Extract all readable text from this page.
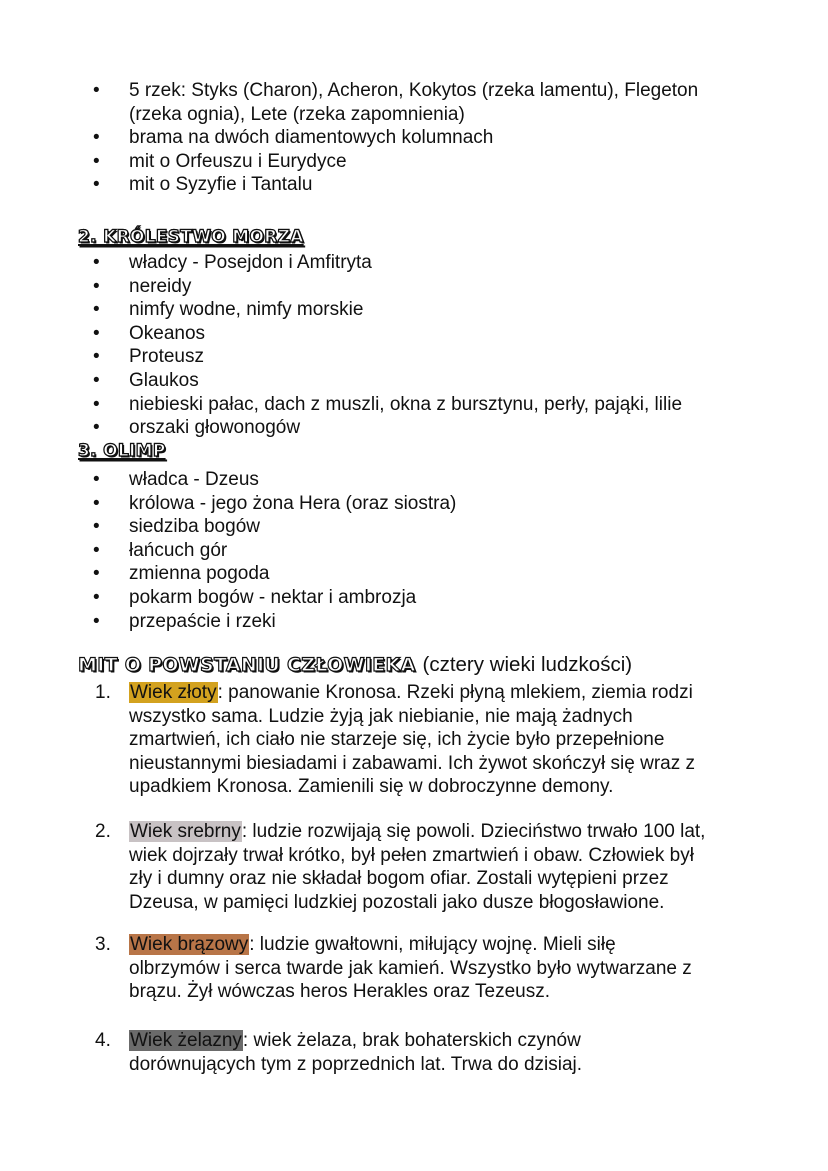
• 5 rzek: Styks (Charon), Acheron, Kokytos (rzeka lamentu), Flegeton
(rzeka ognia), Lete (rzeka zapomnienia)
• brama na dwóch diamentowych kolumnach
• mit o Orfeuszu i Eurydyce
• mit o Syzyfie i Tantalu
2. KRÓLESTWO MORZA
• władcy - Posejdon i Amfitryta
• nereidy
• nimfy wodne, nimfy morskie
• Okeanos
• Proteusz
• Glaukos
• niebieski pałac, dach z muszli, okna z bursztynu, perły, pająki, lilie
• orszaki głowonogów
3. OLIMP
• władca - Dzeus
• królowa - jego żona Hera (oraz siostra)
• siedziba bogów
• łańcuch gór
• zmienna pogoda
• pokarm bogów - nektar i ambrozja
• przepaście i rzeki
MIT O POWSTANIU CZŁOWIEKA (cztery wieki ludzkości)
1. Wiek złoty: panowanie Kronosa. Rzeki płyną mlekiem, ziemia rodzi
wszystko sama. Ludzie żyją jak niebianie, nie mają żadnych
zmartwień, ich ciało nie starzeje się, ich życie było przepełnione
nieustannymi biesiadami i zabawami. Ich żywot skończył się wraz z
upadkiem Kronosa. Zamienili się w dobroczynne demony.
2. Wiek srebrny: ludzie rozwijają się powoli. Dzieciństwo trwało 100 lat,
wiek dojrzały trwał krótko, był pełen zmartwień i obaw. Człowiek był
zły i dumny oraz nie składał bogom ofiar. Zostali wytępieni przez
Dzeusa, w pamięci ludzkiej pozostali jako dusze błogosławione.
3. Wiek brązowy: ludzie gwałtowni, miłujący wojnę. Mieli siłę
olbrzymów i serca twarde jak kamień. Wszystko było wytwarzane z
brązu. Żył wówczas heros Herakles oraz Tezeusz.
4. Wiek żelazny: wiek żelaza, brak bohaterskich czynów
dorównujących tym z poprzednich lat. Trwa do dzisiaj.
